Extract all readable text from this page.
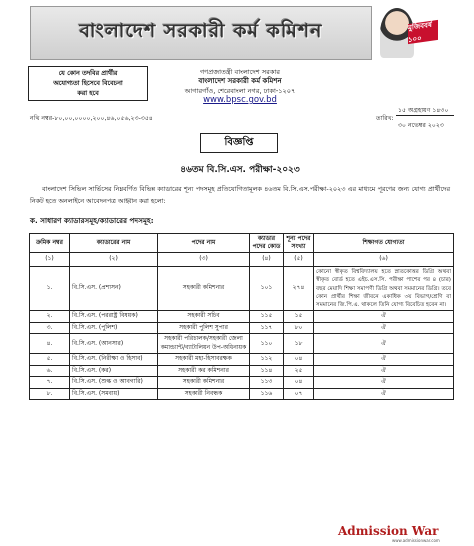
বাংলাদেশ সরকারী কর্ম কমিশন	মুজিববর্ষ ১০০
যে কোন তদবির প্রার্থীর
অযোগ্যতা হিসেবে বিবেচনা
করা হবে
গণপ্রজাতন্ত্রী বাংলাদেশ সরকার
বাংলাদেশ সরকারী কর্ম কমিশন
আগারগাঁও, শেরেবাংলা নগর, ঢাকা-১২০৭
www.bpsc.gov.bd
নথি নম্বর-৮০,০০,০০০০,২০০,৪৬,০৫৬,২৩-৩৫৪	তারিখ:
১৫ অগ্রহায়ণ ১৪৩০
৩০ নভেম্বর ২০২৩
বিজ্ঞপ্তি
৪৬তম বি.সি.এস. পরীক্ষা-২০২৩
বাংলাদেশ সিভিল সার্ভিসের নিম্নবর্ণিত বিভিন্ন ক্যাডারের শূন্য পদসমূহ প্রতিযোগিতামূলক ৪৬তম বি.সি.এস.পরীক্ষা-২০২৩ এর মাধ্যমে পূরণের জন্য যোগ্য প্রার্থীদের নিকট হতে অনলাইনে আবেদনপত্র আহ্বান করা হলো:
ক. সাধারণ ক্যাডারসমূহ/ক্যাডারের পদসমূহ:
ক্রমিক নম্বর	ক্যাডারের নাম	পদের নাম	ক্যাডার পদের কোড	শূন্য পদের সংখ্যা	শিক্ষাগত যোগ্যতা
(১)	(২)	(৩)	(৪)	(৫)	(৬)
১.	বি.সি.এস. (প্রশাসন)	সহকারী কমিশনার	১০১	২৭৪	কোনো স্বীকৃত বিশ্ববিদ্যালয় হতে স্নাতকোত্তর ডিগ্রি অথবা স্বীকৃত বোর্ড হতে এইচ.এস.সি. পরীক্ষা পাশের পর ৪ (চার) বছর মেয়াদি শিক্ষা সমাপণী ডিগ্রি অথবা সমমানের ডিগ্রি। তবে কোন প্রার্থীর শিক্ষা জীবনে একাধিক ৩য় বিভাগ/শ্রেণি বা সমমানের জি.পি.এ. থাকলে তিনি যোগ্য বিবেচিত হবেন না।
২.	বি.সি.এস. (পররাষ্ট্র বিষয়ক)	সহকারী সচিব	১১৫	১৫	ঐ
৩.	বি.সি.এস. (পুলিশ)	সহকারী পুলিশ সুপার	১১৭	৮০	ঐ
৪.	বি.সি.এস. (আনসার)	সহকারী পরিচালক/সহকারী জেলা কমান্ড্যান্ট/ব্যাটালিয়ন উপ-অধিনায়ক	১১০	১৮	ঐ
৫.	বি.সি.এস. (নিরীক্ষা ও হিসাব)	সহকারী মহা-হিসাবরক্ষক	১১২	০৪	ঐ
৬.	বি.সি.এস. (কর)	সহকারী কর কমিশনার	১১৪	২৫	ঐ
৭.	বি.সি.এস. (শুল্ক ও আবগারি)	সহকারী কমিশনার	১১৩	০৪	ঐ
৮.	বি.সি.এস. (সমবায়)	সহকারী নিবন্ধক	১১৬	০৭	ঐ
Admission War
www.admissionwar.com
